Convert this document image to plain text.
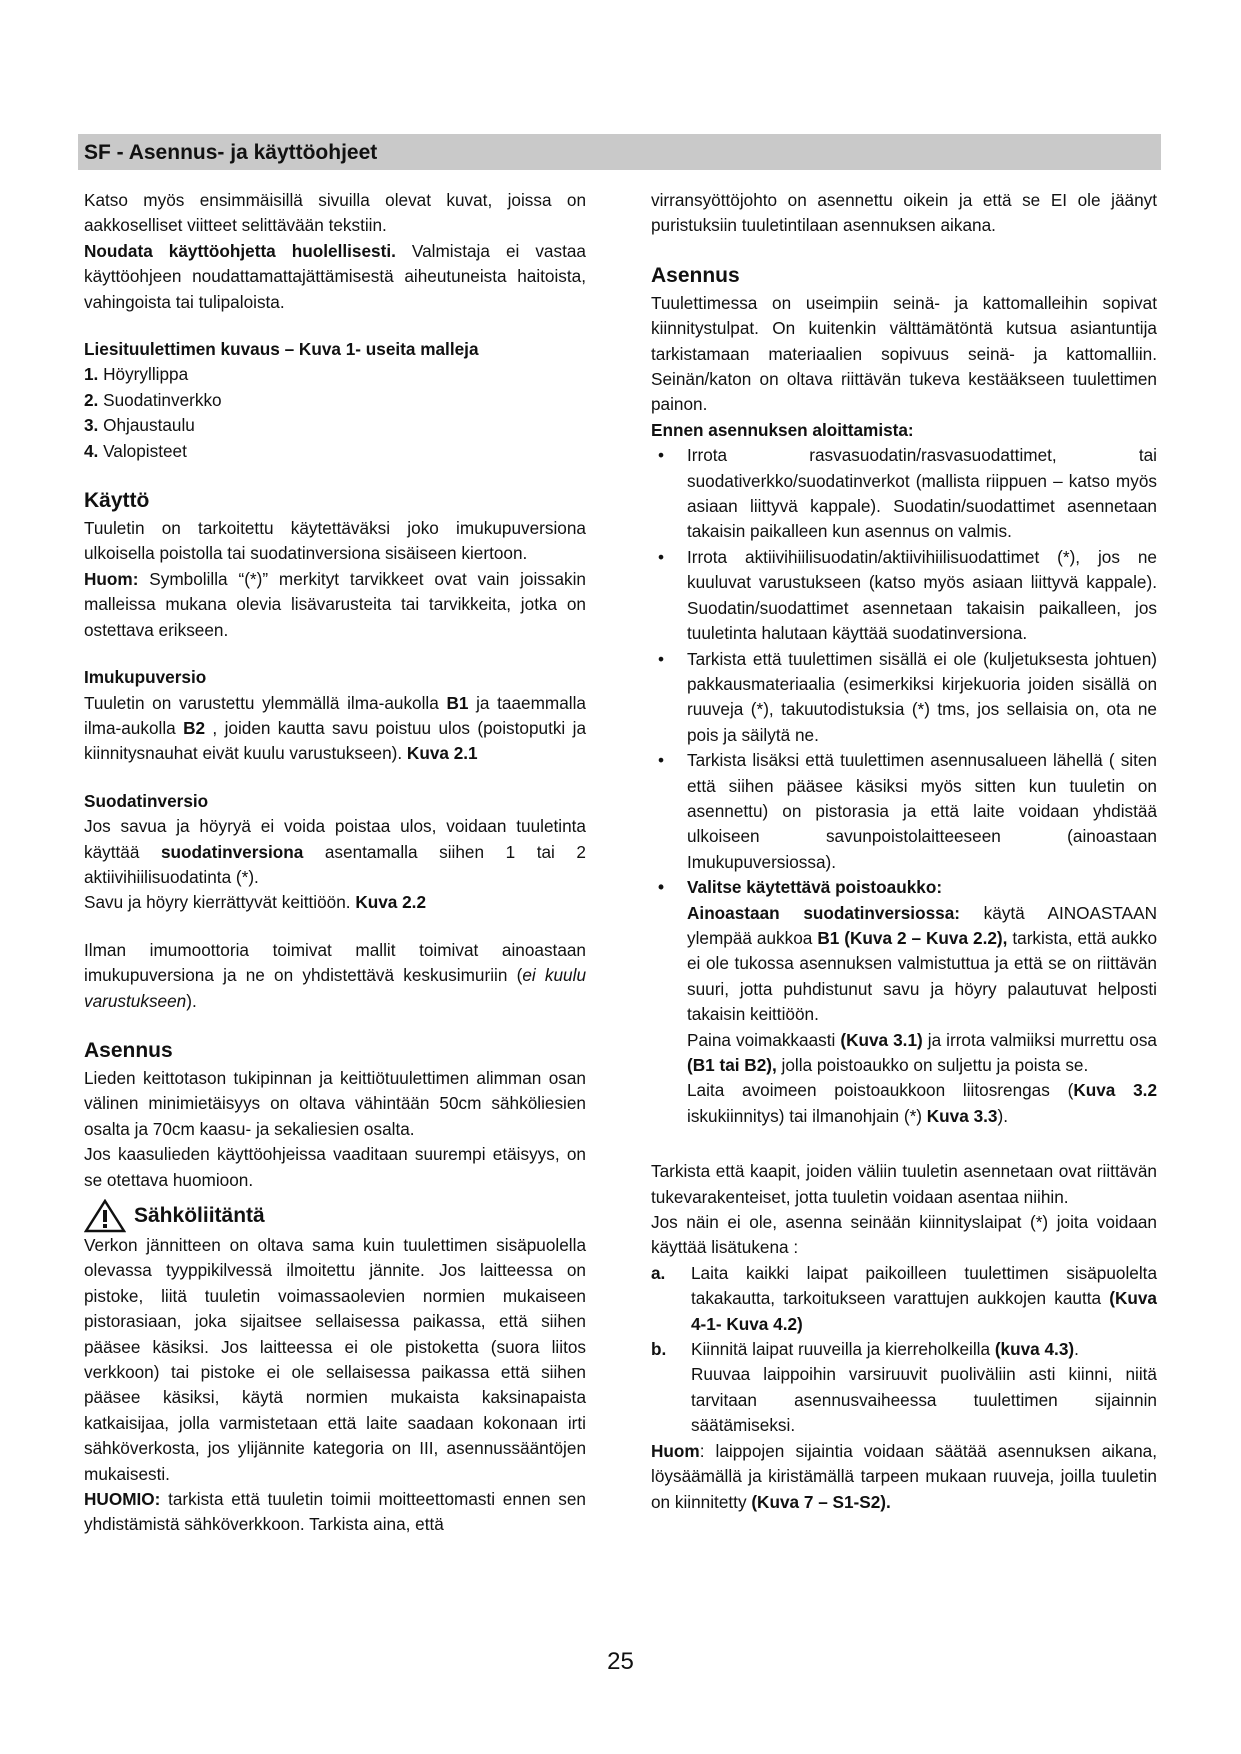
SF - Asennus- ja käyttöohjeet

Katso myös ensimmäisillä sivuilla olevat kuvat, joissa on aakkoselliset viitteet selittävään tekstiin.

Noudata käyttöohjetta huolellisesti. Valmistaja ei vastaa käyttöohjeen noudattamattajättämisestä aiheutuneista haitoista, vahingoista tai tulipaloista.

Liesituulettimen kuvaus – Kuva 1- useita malleja

1. Höyryllippa
2. Suodatinverkko
3. Ohjaustaulu
4. Valopisteet

Käyttö

Tuuletin on tarkoitettu käytettäväksi joko imukupuversiona ulkoisella poistolla tai suodatinversiona sisäiseen kiertoon.

Huom: Symbolilla “(*)” merkityt tarvikkeet ovat vain joissakin malleissa mukana olevia lisävarusteita tai tarvikkeita, jotka on ostettava erikseen.

Imukupuversio

Tuuletin on varustettu ylemmällä ilma-aukolla B1 ja taaemmalla ilma-aukolla B2 , joiden kautta savu poistuu ulos (poistoputki ja kiinnitysnauhat eivät kuulu varustukseen). Kuva 2.1

Suodatinversio

Jos savua ja höyryä ei voida poistaa ulos, voidaan tuuletinta käyttää suodatinversiona asentamalla siihen 1 tai 2 aktiivihiilisuodatinta (*).

Savu ja höyry kierrättyvät keittiöön. Kuva 2.2

Ilman imumoottoria toimivat mallit toimivat ainoastaan imukupuversiona ja ne on yhdistettävä keskusimuriin (ei kuulu varustukseen).

Asennus

Lieden keittotason tukipinnan ja keittiötuulettimen alimman osan välinen minimietäisyys on oltava vähintään 50cm sähköliesien osalta ja 70cm kaasu- ja sekaliesien osalta.

Jos kaasulieden käyttöohjeissa vaaditaan suurempi etäisyys, on se otettava huomioon.

Sähköliitäntä

Verkon jännitteen on oltava sama kuin tuulettimen sisäpuolella olevassa tyyppikilvessä ilmoitettu jännite. Jos laitteessa on pistoke, liitä tuuletin voimassaolevien normien mukaiseen pistorasiaan, joka sijaitsee sellaisessa paikassa, että siihen pääsee käsiksi. Jos laitteessa ei ole pistoketta (suora liitos verkkoon) tai pistoke ei ole sellaisessa paikassa että siihen pääsee käsiksi, käytä normien mukaista kaksinapaista katkaisijaa, jolla varmistetaan että laite saadaan kokonaan irti sähköverkosta, jos ylijännite kategoria on III, asennussääntöjen mukaisesti.

HUOMIO: tarkista että tuuletin toimii moitteettomasti ennen sen yhdistämistä sähköverkkoon. Tarkista aina, että

virransyöttöjohto on asennettu oikein ja että se EI ole jäänyt puristuksiin tuuletintilaan asennuksen aikana.

Asennus

Tuulettimessa on useimpiin seinä- ja kattomalleihin sopivat kiinnitystulpat. On kuitenkin välttämätöntä kutsua asiantuntija tarkistamaan materiaalien sopivuus seinä- ja kattomalliin. Seinän/katon on oltava riittävän tukeva kestääkseen tuulettimen painon.

Ennen asennuksen aloittamista:

•	Irrota rasvasuodatin/rasvasuodattimet, tai suodativerkko/suodatinverkot (mallista riippuen – katso myös asiaan liittyvä kappale). Suodatin/suodattimet asennetaan takaisin paikalleen kun asennus on valmis.
•	Irrota aktiivihiilisuodatin/aktiivihiilisuodattimet (*), jos ne kuuluvat varustukseen (katso myös asiaan liittyvä kappale). Suodatin/suodattimet asennetaan takaisin paikalleen, jos tuuletinta halutaan käyttää suodatinversiona.
•	Tarkista että tuulettimen sisällä ei ole (kuljetuksesta johtuen) pakkausmateriaalia (esimerkiksi kirjekuoria joiden sisällä on ruuveja (*), takuutodistuksia (*) tms, jos sellaisia on, ota ne pois ja säilytä ne.
•	Tarkista lisäksi että tuulettimen asennusalueen lähellä ( siten että siihen pääsee käsiksi myös sitten kun tuuletin on asennettu) on pistorasia ja että laite voidaan yhdistää ulkoiseen savunpoistolaitteeseen (ainoastaan Imukupuversiossa).
•	Valitse käytettävä poistoaukko:

Ainoastaan suodatinversiossa: käytä AINOASTAAN ylempää aukkoa B1 (Kuva 2 – Kuva 2.2), tarkista, että aukko ei ole tukossa asennuksen valmistuttua ja että se on riittävän suuri, jotta puhdistunut savu ja höyry palautuvat helposti takaisin keittiöön.

Paina voimakkaasti (Kuva 3.1) ja irrota valmiiksi murrettu osa (B1 tai B2), jolla poistoaukko on suljettu ja poista se.

Laita avoimeen poistoaukkoon liitosrengas (Kuva 3.2 iskukiinnitys) tai ilmanohjain (*) Kuva 3.3).

Tarkista että kaapit, joiden väliin tuuletin asennetaan ovat riittävän tukevarakenteiset, jotta tuuletin voidaan asentaa niihin.

Jos näin ei ole, asenna seinään kiinnityslaipat (*) joita voidaan käyttää lisätukena :

a. Laita kaikki laipat paikoilleen tuulettimen sisäpuolelta takakautta, tarkoitukseen varattujen aukkojen kautta (Kuva 4-1- Kuva 4.2)
b. Kiinnitä laipat ruuveilla ja kierreholkeilla (kuva 4.3).

Ruuvaa laippoihin varsiruuvit puoliväliin asti kiinni, niitä tarvitaan asennusvaiheessa tuulettimen sijainnin säätämiseksi.

Huom: laippojen sijaintia voidaan säätää asennuksen aikana, löysäämällä ja kiristämällä tarpeen mukaan ruuveja, joilla tuuletin on kiinnitetty (Kuva 7 – S1-S2).

25
